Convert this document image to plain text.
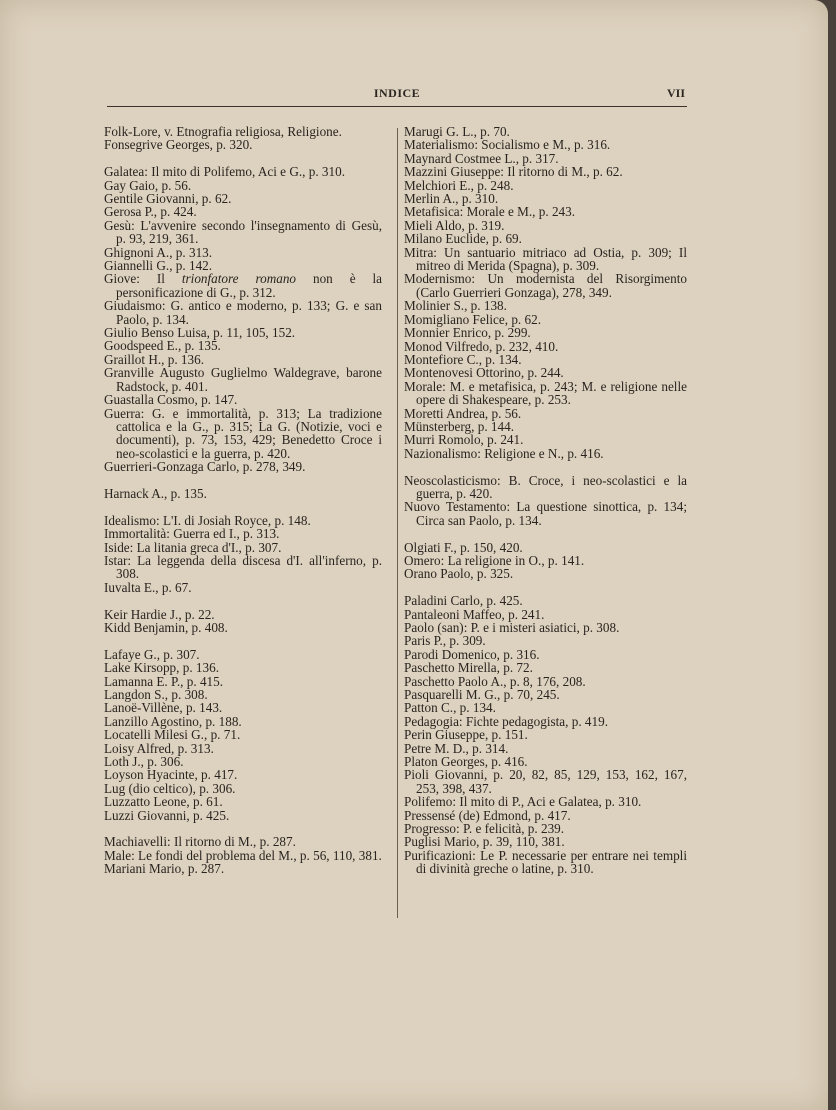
INDICE	VII
Folk-Lore, v. Etnografia religiosa, Religione.
Fonsegrive Georges, p. 320.
Galatea: Il mito di Polifemo, Aci e G., p. 310.
Gay Gaio, p. 56.
Gentile Giovanni, p. 62.
Gerosa P., p. 424.
Gesù: L'avvenire secondo l'insegnamento di Gesù, p. 93, 219, 361.
Ghignoni A., p. 313.
Giannelli G., p. 142.
Giove: Il trionfatore romano non è la personificazione di G., p. 312.
Giudaismo: G. antico e moderno, p. 133; G. e san Paolo, p. 134.
Giulio Benso Luisa, p. 11, 105, 152.
Goodspeed E., p. 135.
Graillot H., p. 136.
Granville Augusto Guglielmo Waldegrave, barone Radstock, p. 401.
Guastalla Cosmo, p. 147.
Guerra: G. e immortalità, p. 313; La tradizione cattolica e la G., p. 315; La G. (Notizie, voci e documenti), p. 73, 153, 429; Benedetto Croce i neo-scolastici e la guerra, p. 420.
Guerrieri-Gonzaga Carlo, p. 278, 349.
Harnack A., p. 135.
Idealismo: L'I. di Josiah Royce, p. 148.
Immortalità: Guerra ed I., p. 313.
Iside: La litania greca d'I., p. 307.
Istar: La leggenda della discesa d'I. all'inferno, p. 308.
Iuvalta E., p. 67.
Keir Hardie J., p. 22.
Kidd Benjamin, p. 408.
Lafaye G., p. 307.
Lake Kirsopp, p. 136.
Lamanna E. P., p. 415.
Langdon S., p. 308.
Lanoë-Villène, p. 143.
Lanzillo Agostino, p. 188.
Locatelli Milesi G., p. 71.
Loisy Alfred, p. 313.
Loth J., p. 306.
Loyson Hyacinte, p. 417.
Lug (dio celtico), p. 306.
Luzzatto Leone, p. 61.
Luzzi Giovanni, p. 425.
Machiavelli: Il ritorno di M., p. 287.
Male: Le fondi del problema del M., p. 56, 110, 381.
Mariani Mario, p. 287.
Marugi G. L., p. 70.
Materialismo: Socialismo e M., p. 316.
Maynard Costmee L., p. 317.
Mazzini Giuseppe: Il ritorno di M., p. 62.
Melchiori E., p. 248.
Merlin A., p. 310.
Metafisica: Morale e M., p. 243.
Mieli Aldo, p. 319.
Milano Euclide, p. 69.
Mitra: Un santuario mitriaco ad Ostia, p. 309; Il mitreo di Merida (Spagna), p. 309.
Modernismo: Un modernista del Risorgimento (Carlo Guerrieri Gonzaga), 278, 349.
Molinier S., p. 138.
Momigliano Felice, p. 62.
Monnier Enrico, p. 299.
Monod Vilfredo, p. 232, 410.
Montefiore C., p. 134.
Montenovesi Ottorino, p. 244.
Morale: M. e metafisica, p. 243; M. e religione nelle opere di Shakespeare, p. 253.
Moretti Andrea, p. 56.
Münsterberg, p. 144.
Murri Romolo, p. 241.
Nazionalismo: Religione e N., p. 416.
Neoscolasticismo: B. Croce, i neo-scolastici e la guerra, p. 420.
Nuovo Testamento: La questione sinottica, p. 134; Circa san Paolo, p. 134.
Olgiati F., p. 150, 420.
Omero: La religione in O., p. 141.
Orano Paolo, p. 325.
Paladini Carlo, p. 425.
Pantaleoni Maffeo, p. 241.
Paolo (san): P. e i misteri asiatici, p. 308.
Paris P., p. 309.
Parodi Domenico, p. 316.
Paschetto Mirella, p. 72.
Paschetto Paolo A., p. 8, 176, 208.
Pasquarelli M. G., p. 70, 245.
Patton C., p. 134.
Pedagogia: Fichte pedagogista, p. 419.
Perin Giuseppe, p. 151.
Petre M. D., p. 314.
Platon Georges, p. 416.
Pioli Giovanni, p. 20, 82, 85, 129, 153, 162, 167, 253, 398, 437.
Polifemo: Il mito di P., Aci e Galatea, p. 310.
Pressensé (de) Edmond, p. 417.
Progresso: P. e felicità, p. 239.
Puglisi Mario, p. 39, 110, 381.
Purificazioni: Le P. necessarie per entrare nei templi di divinità greche o latine, p. 310.
